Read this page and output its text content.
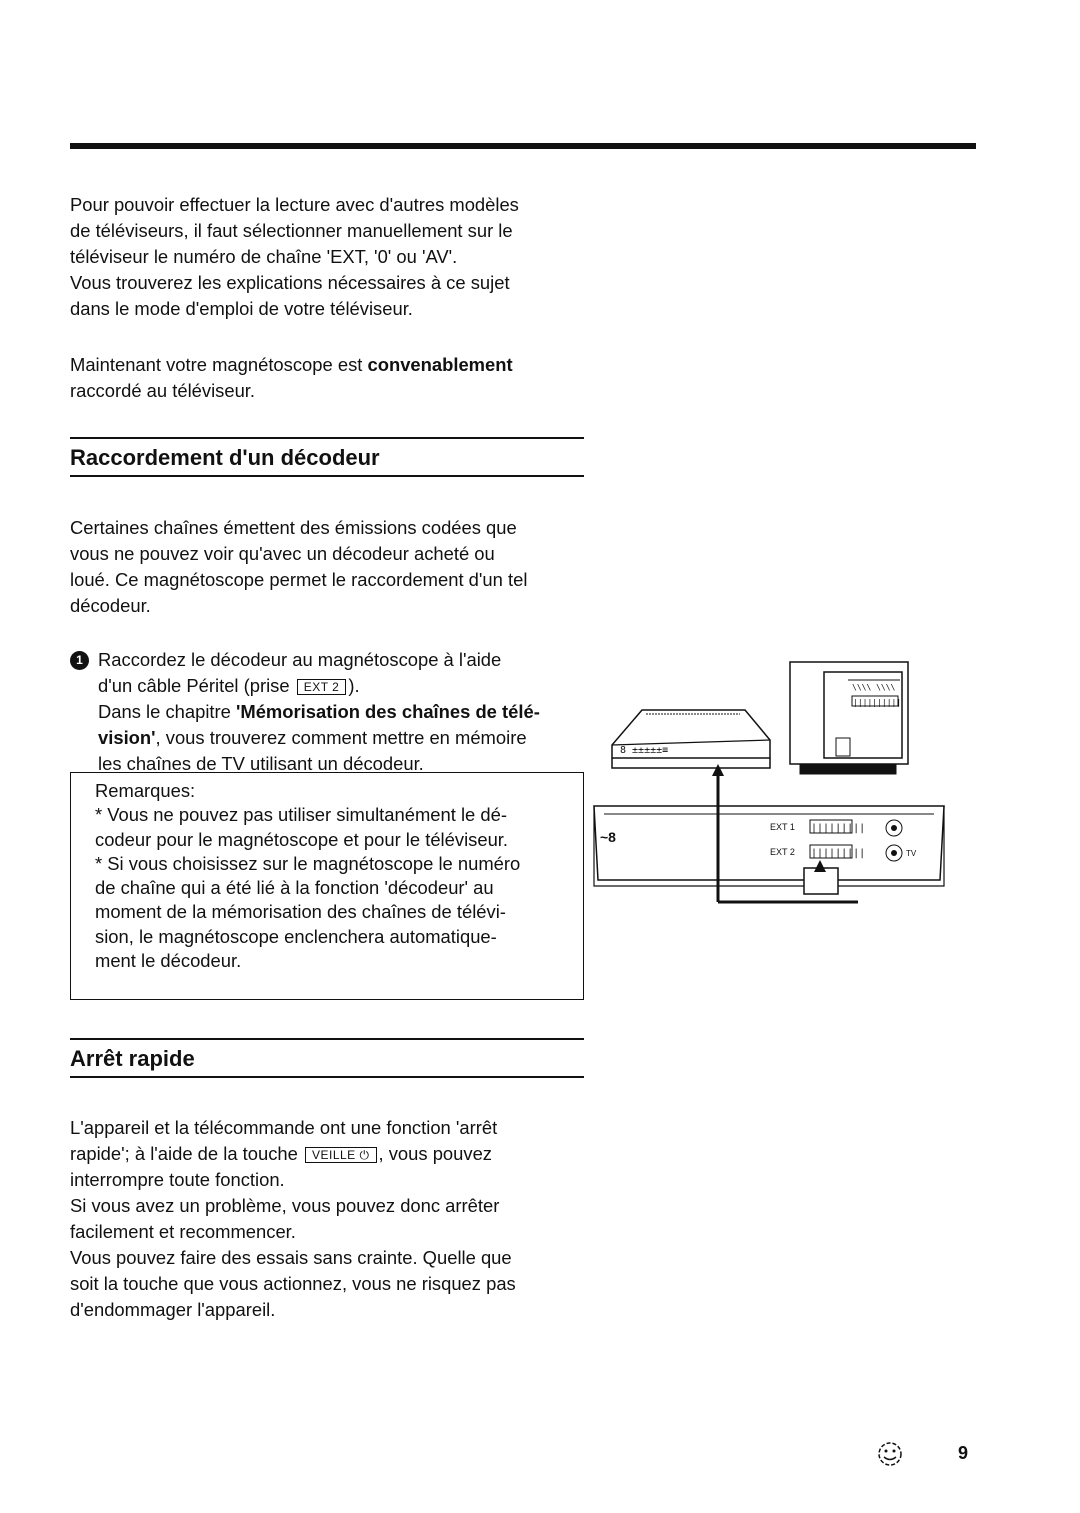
Pour pouvoir effectuer la lecture avec d'autres modèles

de téléviseurs, il faut sélectionner manuellement sur le

téléviseur le numéro de chaîne 'EXT, '0' ou 'AV'.

Vous trouverez les explications nécessaires à ce sujet

dans le mode d'emploi de votre téléviseur.

Maintenant votre magnétoscope est convenablement

raccordé au téléviseur.

Raccordement d'un décodeur

Certaines chaînes émettent des émissions codées que

vous ne pouvez voir qu'avec un décodeur acheté ou

loué. Ce magnétoscope permet le raccordement d'un tel

décodeur.

1 Raccordez le décodeur au magnétoscope à l'aide
d'un câble Péritel (prise EXT 2 ).
Dans le chapitre 'Mémorisation des chaînes de télé-
vision', vous trouverez comment mettre en mémoire
les chaînes de TV utilisant un décodeur.

Remarques:

* Vous ne pouvez pas utiliser simultanément le dé-

codeur pour le magnétoscope et pour le téléviseur.

* Si vous choisissez sur le magnétoscope le numéro

de chaîne qui a été lié à la fonction 'décodeur' au

moment de la mémorisation des chaînes de télévi-

sion, le magnétoscope enclenchera automatique-

ment le décodeur.

8 ±±±±±≡
\\\\ \\\\
||||||||||
~8
|||||||||
|||||||||
EXT 1
EXT 2	TV
Arrêt rapide

L'appareil et la télécommande ont une fonction 'arrêt

rapide'; à l'aide de la touche VEILLE ⏻ , vous pouvez

interrompre toute fonction.

Si vous avez un problème, vous pouvez donc arrêter

facilement et recommencer.

Vous pouvez faire des essais sans crainte. Quelle que

soit la touche que vous actionnez, vous ne risquez pas

d'endommager l'appareil.

9
